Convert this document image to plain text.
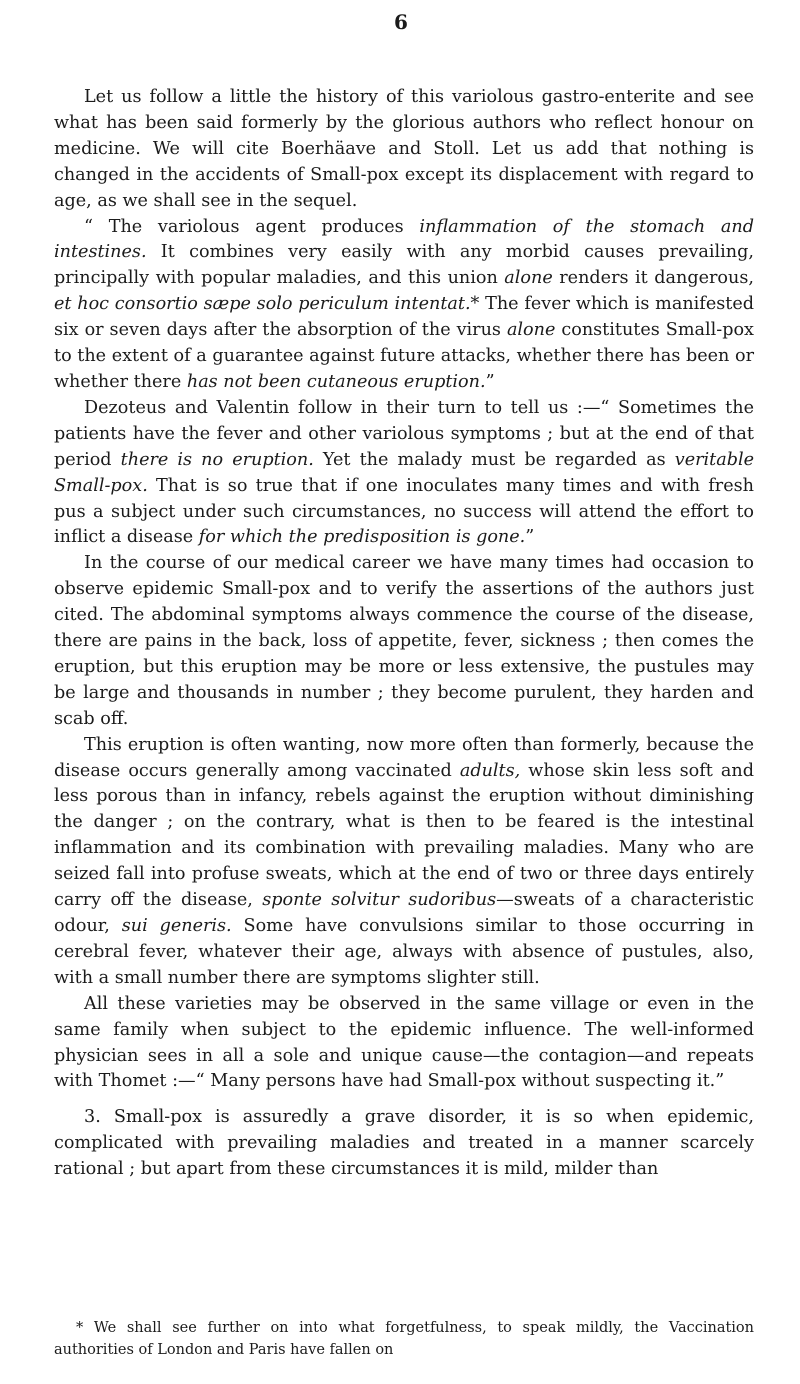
6

Let us follow a little the history of this variolous gastro-enterite and see what has been said formerly by the glorious authors who reflect honour on medicine. We will cite Boerhäave and Stoll. Let us add that nothing is changed in the accidents of Small-pox except its displacement with regard to age, as we shall see in the sequel.

“ The variolous agent produces inflammation of the stomach and intestines. It combines very easily with any morbid causes prevailing, principally with popular maladies, and this union alone renders it dangerous, et hoc consortio sæpe solo periculum intentat.* The fever which is manifested six or seven days after the absorption of the virus alone constitutes Small-pox to the extent of a guarantee against future attacks, whether there has been or whether there has not been cutaneous eruption.”

Dezoteus and Valentin follow in their turn to tell us :—“ Sometimes the patients have the fever and other variolous symptoms ; but at the end of that period there is no eruption. Yet the malady must be regarded as veritable Small-pox. That is so true that if one inoculates many times and with fresh pus a subject under such circumstances, no success will attend the effort to inflict a disease for which the predisposition is gone.”

In the course of our medical career we have many times had occasion to observe epidemic Small-pox and to verify the assertions of the authors just cited. The abdominal symptoms always commence the course of the disease, there are pains in the back, loss of appetite, fever, sickness ; then comes the eruption, but this eruption may be more or less extensive, the pustules may be large and thousands in number ; they become purulent, they harden and scab off.

This eruption is often wanting, now more often than formerly, because the disease occurs generally among vaccinated adults, whose skin less soft and less porous than in infancy, rebels against the eruption without diminishing the danger ; on the contrary, what is then to be feared is the intestinal inflammation and its combination with prevailing maladies. Many who are seized fall into profuse sweats, which at the end of two or three days entirely carry off the disease, sponte solvitur sudoribus—sweats of a characteristic odour, sui generis. Some have convulsions similar to those occurring in cerebral fever, whatever their age, always with absence of pustules, also, with a small number there are symptoms slighter still.

All these varieties may be observed in the same village or even in the same family when subject to the epidemic influence. The well-informed physician sees in all a sole and unique cause—the contagion—and repeats with Thomet :—“ Many persons have had Small-pox without suspecting it.”

3. Small-pox is assuredly a grave disorder, it is so when epidemic, complicated with prevailing maladies and treated in a manner scarcely rational ; but apart from these circumstances it is mild, milder than

* We shall see further on into what forgetfulness, to speak mildly, the Vaccination authorities of London and Paris have fallen on
